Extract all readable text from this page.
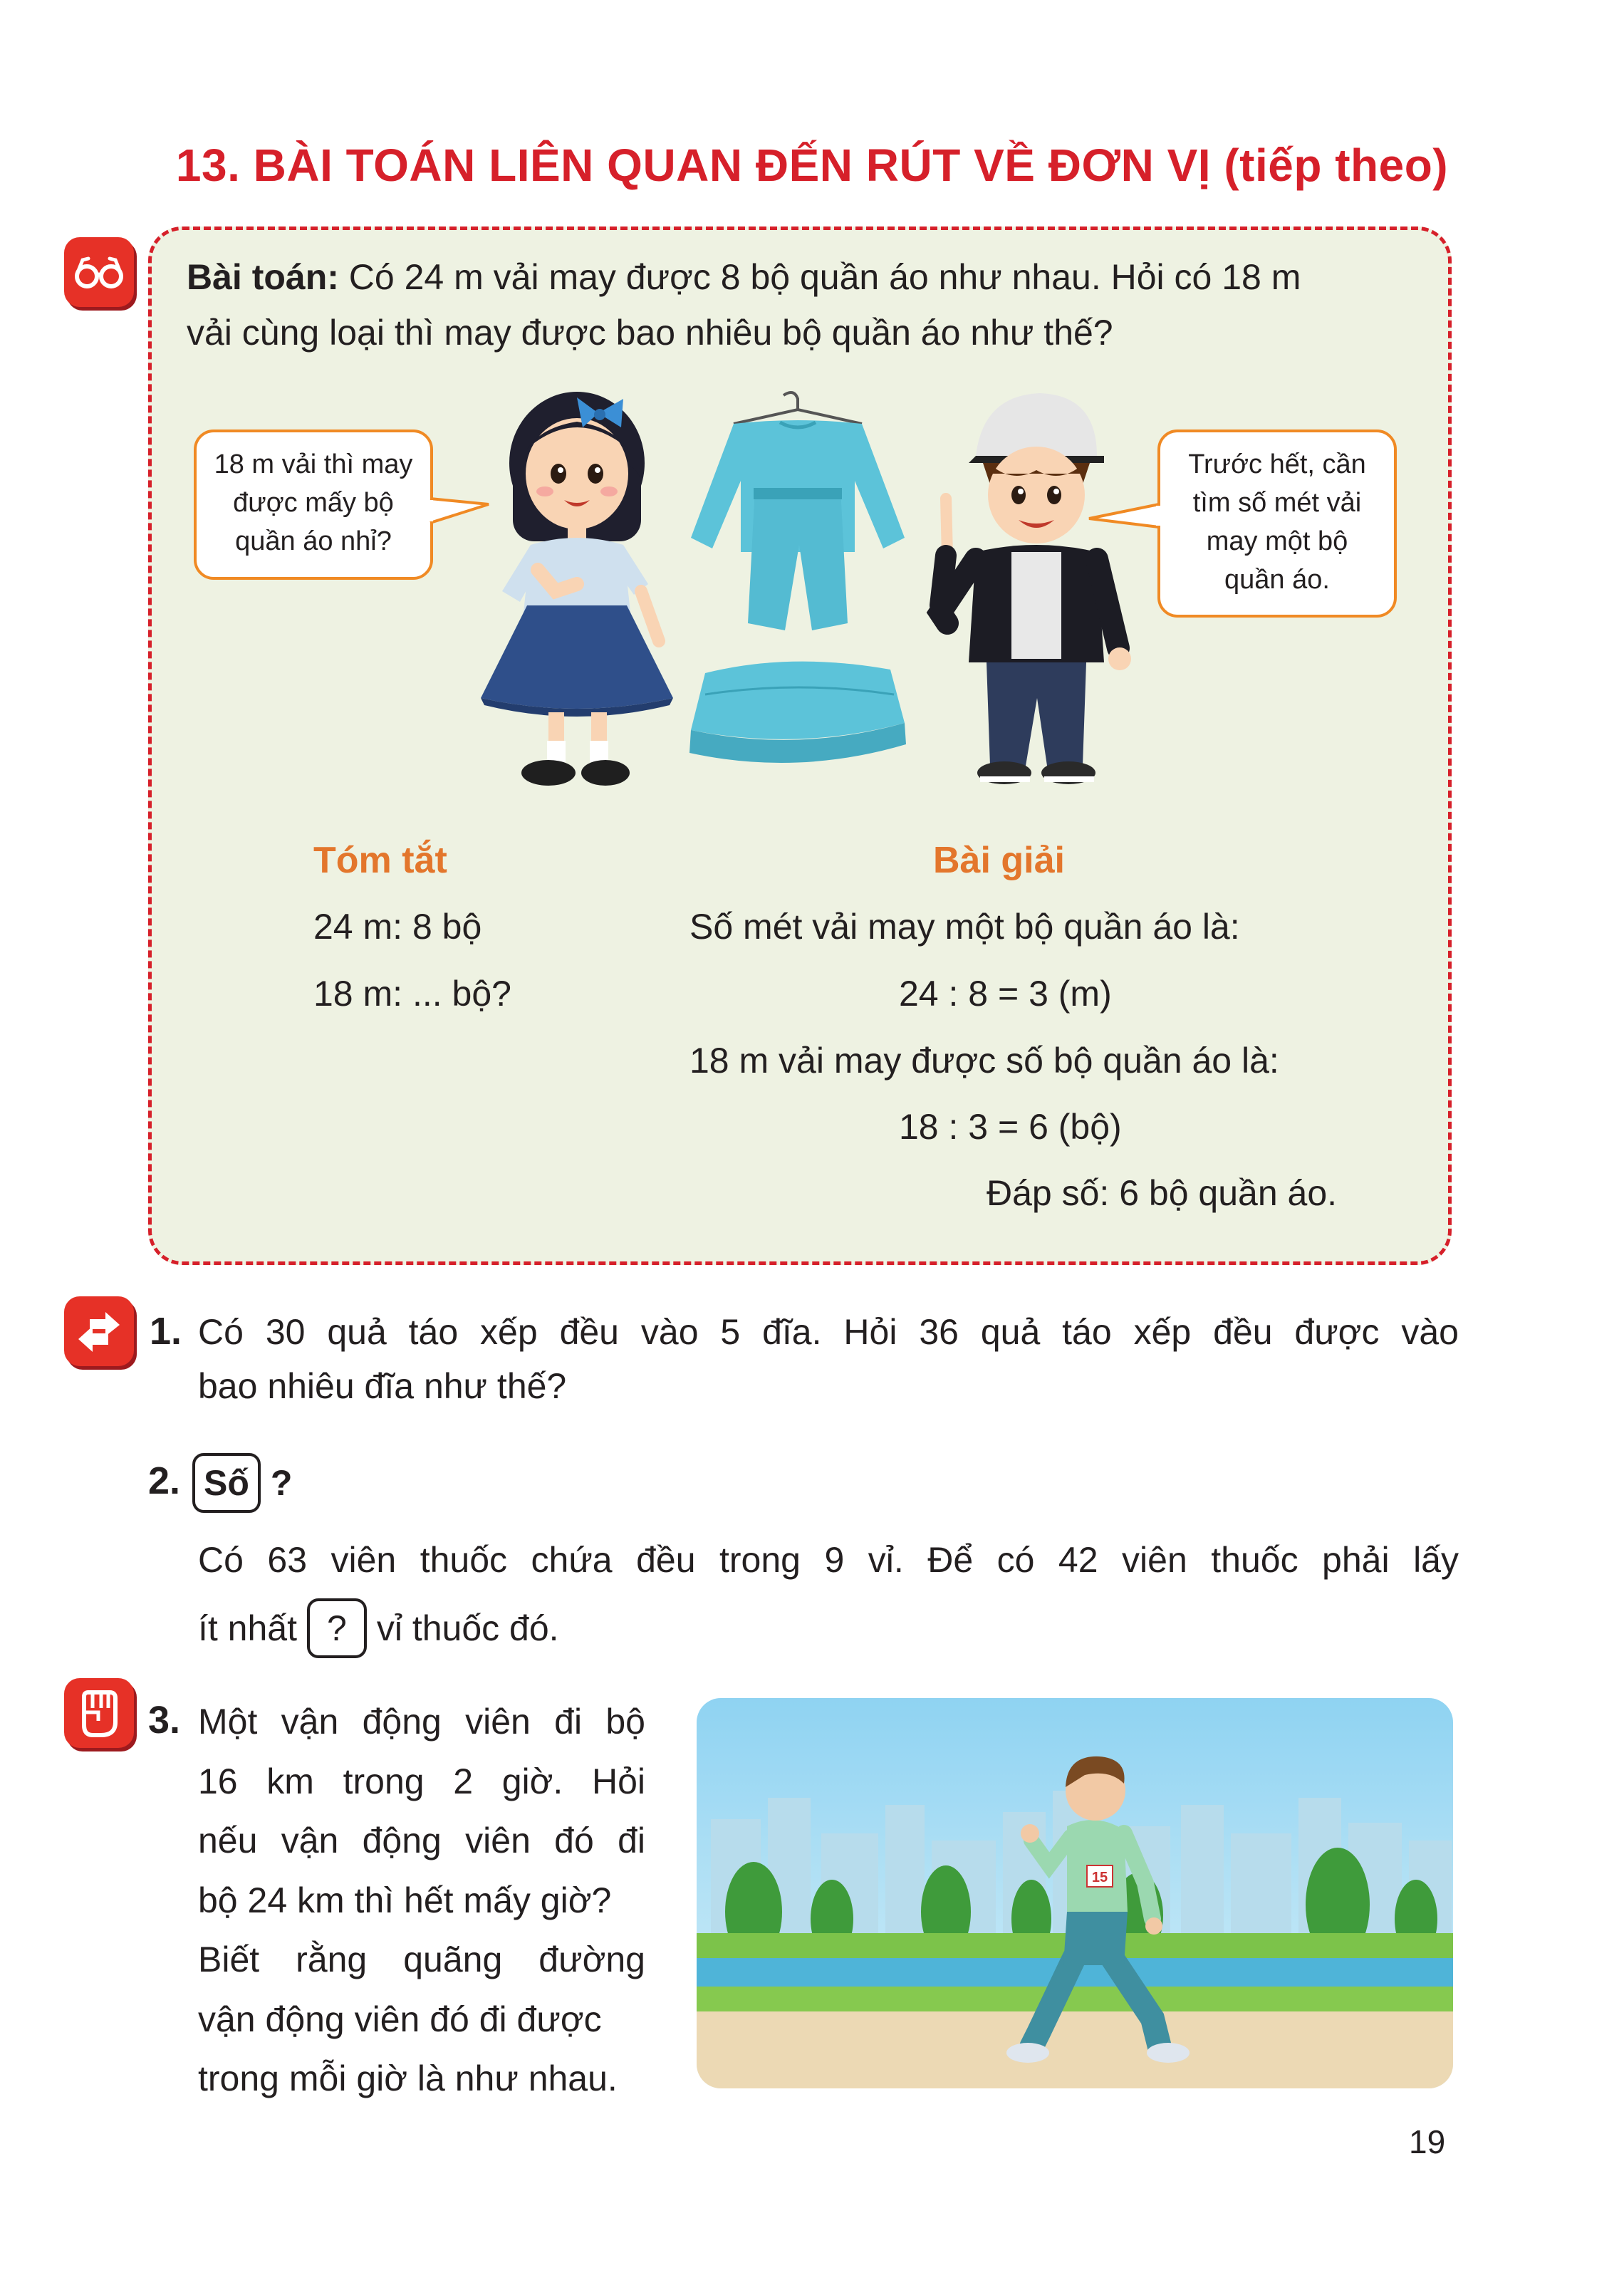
13. BÀI TOÁN LIÊN QUAN ĐẾN RÚT VỀ ĐƠN VỊ (tiếp theo)
Bài toán: Có 24 m vải may được 8 bộ quần áo như nhau. Hỏi có 18 m
vải cùng loại thì may được bao nhiêu bộ quần áo như thế?
18 m vải thì may
được mấy bộ
quần áo nhỉ?
Trước hết, cần
tìm số mét vải
may một bộ
quần áo.
Tóm tắt
24 m: 8 bộ
18 m: ... bộ?
Bài giải
Số mét vải may một bộ quần áo là:
24 : 8 = 3 (m)
18 m vải may được số bộ quần áo là:
18 : 3 = 6 (bộ)
Đáp số: 6 bộ quần áo.
1. Có 30 quả táo xếp đều vào 5 đĩa. Hỏi 36 quả táo xếp đều được vào
bao nhiêu đĩa như thế?
2. Số ?
Có 63 viên thuốc chứa đều trong 9 vỉ. Để có 42 viên thuốc phải lấy
ít nhất ? vỉ thuốc đó.
3. Một vận động viên đi bộ
16 km trong 2 giờ. Hỏi
nếu vận động viên đó đi
bộ 24 km thì hết mấy giờ?
Biết rằng quãng đường
vận động viên đó đi được
trong mỗi giờ là như nhau.
15
19
